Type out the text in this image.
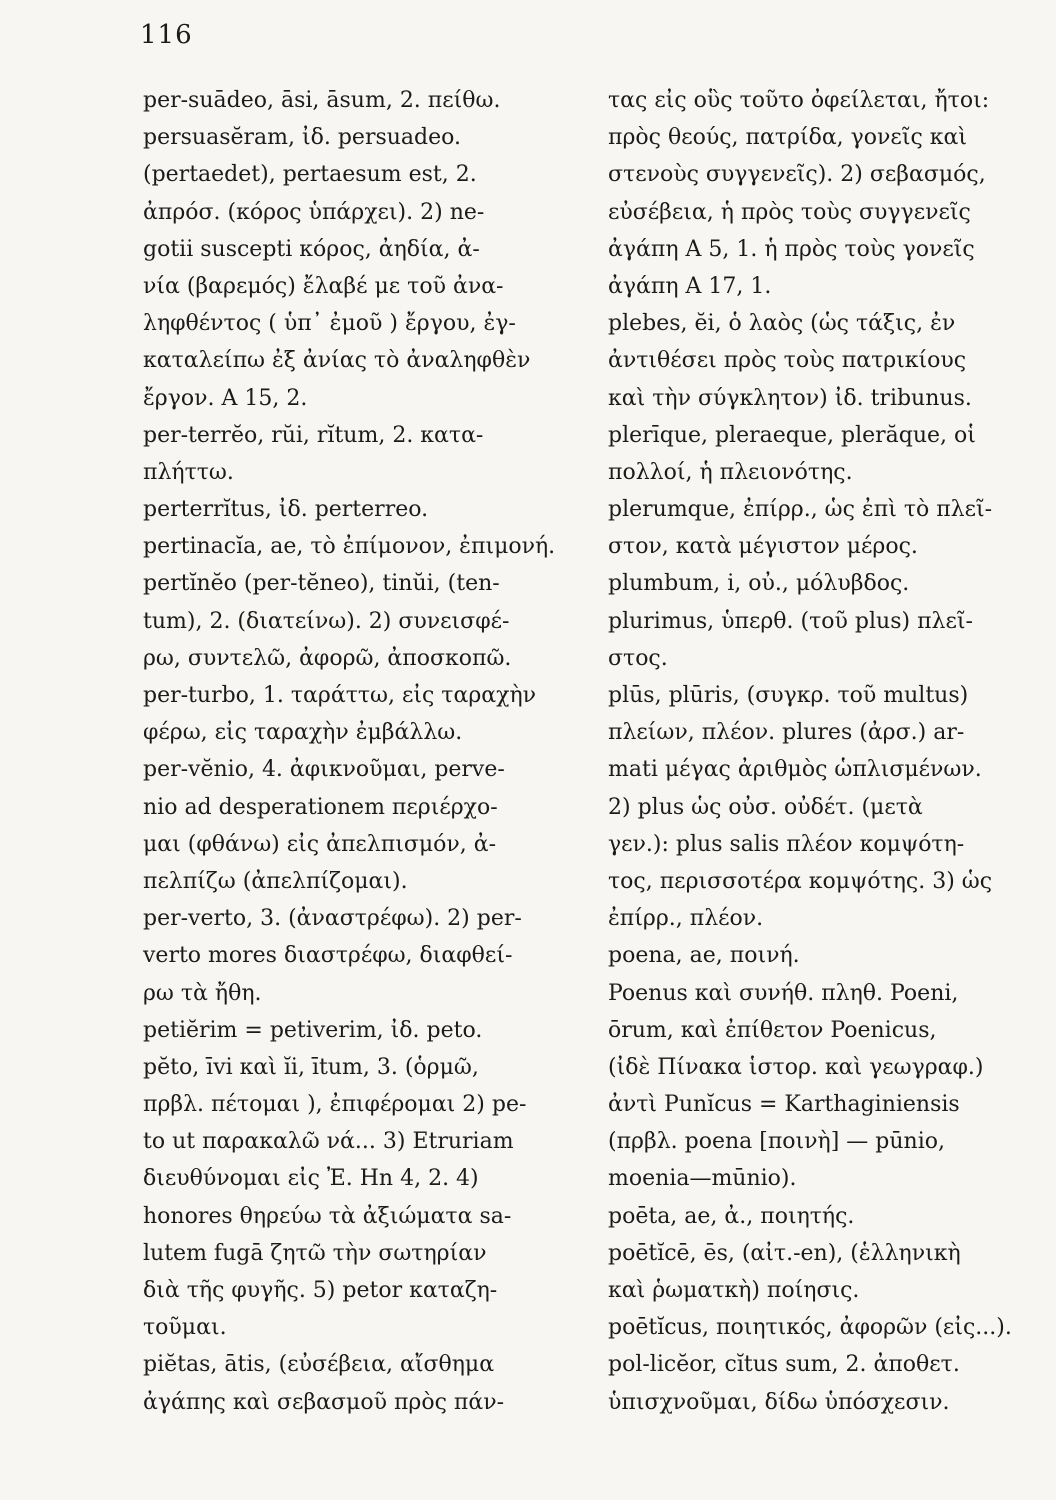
116
per-suādeo, āsi, āsum, 2. πείθω.
persuasĕram, ἰδ. persuadeo.
(pertaedet), pertaesum est, 2.
ἀπρόσ. (κόρος ὑπάρχει). 2) ne-
gotii suscepti κόρος, ἀηδία, ἀ-
νία (βαρεμός) ἔλαβέ με τοῦ ἀνα-
ληφθέντος ( ὑπ᾿ ἐμοῦ ) ἔργου, ἐγ-
καταλείπω ἐξ ἀνίας τὸ ἀναληφθὲν
ἔργον. A 15, 2.
per-terrĕo, rŭi, rĭtum, 2. κατα-
πλήττω.
perterrĭtus, ἰδ. perterreo.
pertinacĭa, ae, τὸ ἐπίμονον, ἐπιμονή.
pertĭnĕo (per-tĕneo), tinŭi, (ten-
tum), 2. (διατείνω). 2) συνεισφέ-
ρω, συντελῶ, ἀφορῶ, ἀποσκοπῶ.
per-turbo, 1. ταράττω, εἰς ταραχὴν
φέρω, εἰς ταραχὴν ἐμβάλλω.
per-vĕnio, 4. ἀφικνοῦμαι, perve-
nio ad desperationem περιέρχο-
μαι (φθάνω) εἰς ἀπελπισμόν, ἀ-
πελπίζω (ἀπελπίζομαι).
per-verto, 3. (ἀναστρέφω). 2) per-
verto mores διαστρέφω, διαφθεί-
ρω τὰ ἤθη.
petiĕrim = petiverim, ἰδ. peto.
pĕto, īvi καὶ ĭi, ītum, 3. (ὁρμῶ,
πρβλ. πέτομαι ), ἐπιφέρομαι 2) pe-
to ut παρακαλῶ νά... 3) Etruriam
διευθύνομαι εἰς Ἐ. Hn 4, 2. 4)
honores θηρεύω τὰ ἀξιώματα sa-
lutem fugā ζητῶ τὴν σωτηρίαν
διὰ τῆς φυγῆς. 5) petor καταζη-
τοῦμαι.
piĕtas, ātis, (εὐσέβεια, αἴσθημα
ἀγάπης καὶ σεβασμοῦ πρὸς πάν-
τας εἰς οὓς τοῦτο ὀφείλεται, ἤτοι:
πρὸς θεούς, πατρίδα, γονεῖς καὶ
στενοὺς συγγενεῖς). 2) σεβασμός,
εὐσέβεια, ἡ πρὸς τοὺς συγγενεῖς
ἀγάπη A 5, 1. ἡ πρὸς τοὺς γονεῖς
ἀγάπη A 17, 1.
plebes, ĕi, ὁ λαὸς (ὡς τάξις, ἐν
ἀντιθέσει πρὸς τοὺς πατρικίους
καὶ τὴν σύγκλητον) ἰδ. tribunus.
plerīque, pleraeque, plerăque, οἱ
πολλοί, ἡ πλειονότης.
plerumque, ἐπίρρ., ὡς ἐπὶ τὸ πλεῖ-
στον, κατὰ μέγιστον μέρος.
plumbum, i, οὐ., μόλυβδος.
plurimus, ὑπερθ. (τοῦ plus) πλεῖ-
στος.
plūs, plūris, (συγκρ. τοῦ multus)
πλείων, πλέον. plures (ἀρσ.) ar-
mati μέγας ἀριθμὸς ὡπλισμένων.
2) plus ὡς οὐσ. οὐδέτ. (μετὰ
γεν.): plus salis πλέον κομψότη-
τος, περισσοτέρα κομψότης. 3) ὡς
ἐπίρρ., πλέον.
poena, ae, ποινή.
Poenus καὶ συνήθ. πληθ. Poeni,
ōrum, καὶ ἐπίθετον Poenicus,
(ἰδὲ Πίνακα ἱστορ. καὶ γεωγραφ.)
ἀντὶ Punĭcus = Karthaginiensis
(πρβλ. poena [ποινὴ] — pūnio,
moenia—mūnio).
poēta, ae, ἀ., ποιητής.
poētĭcē, ēs, (αἰτ.-en), (ἑλληνικὴ
καὶ ῥωματκὴ) ποίησις.
poētĭcus, ποιητικός, ἀφορῶν (εἰς...).
pol-licĕor, cĭtus sum, 2. ἀποθετ.
ὑπισχνοῦμαι, δίδω ὑπόσχεσιν.
